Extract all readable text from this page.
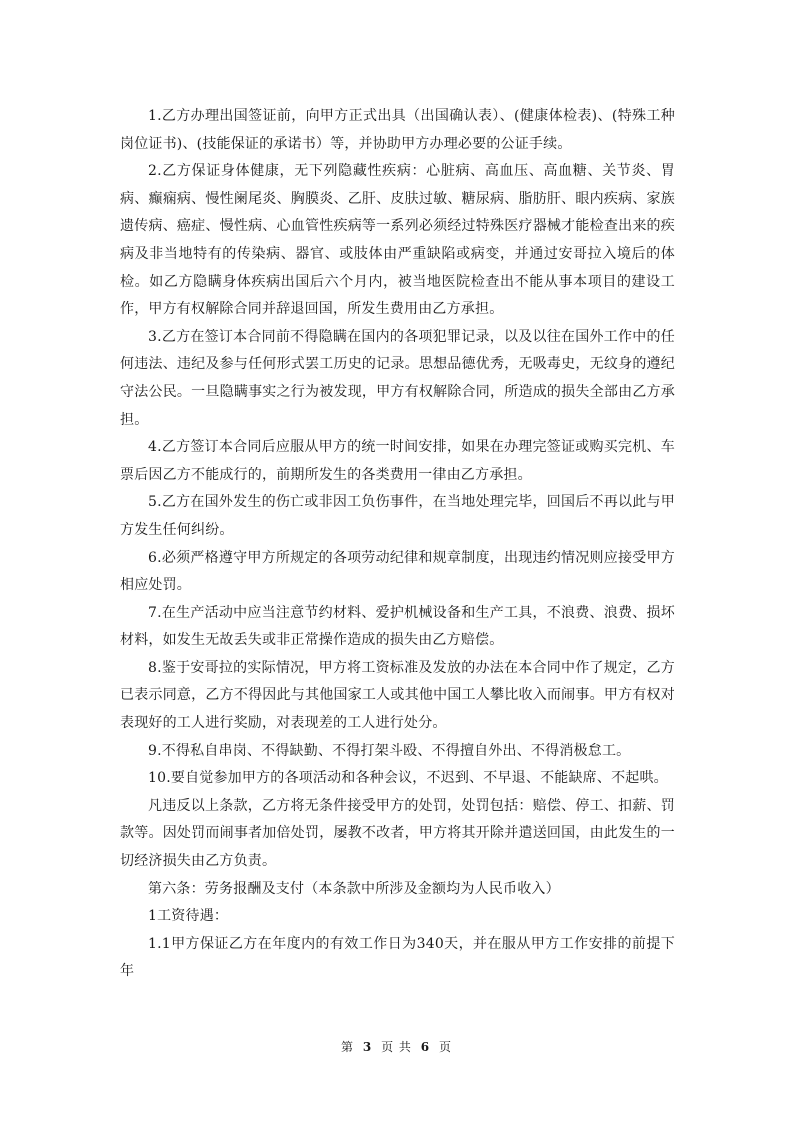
1.乙方办理出国签证前，向甲方正式出具（出国确认表）、(健康体检表)、(特殊工种岗位证书)、(技能保证的承诺书）等，并协助甲方办理必要的公证手续。

2.乙方保证身体健康，无下列隐藏性疾病：心脏病、高血压、高血糖、关节炎、胃病、癫痫病、慢性阑尾炎、胸膜炎、乙肝、皮肤过敏、糖尿病、脂肪肝、眼内疾病、家族遗传病、癌症、慢性病、心血管性疾病等一系列必须经过特殊医疗器械才能检查出来的疾病及非当地特有的传染病、器官、或肢体由严重缺陷或病变，并通过安哥拉入境后的体检。如乙方隐瞒身体疾病出国后六个月内，被当地医院检查出不能从事本项目的建设工作，甲方有权解除合同并辞退回国，所发生费用由乙方承担。

3.乙方在签订本合同前不得隐瞒在国内的各项犯罪记录，以及以往在国外工作中的任何违法、违纪及参与任何形式罢工历史的记录。思想品德优秀，无吸毒史，无纹身的遵纪守法公民。一旦隐瞒事实之行为被发现，甲方有权解除合同，所造成的损失全部由乙方承担。

4.乙方签订本合同后应服从甲方的统一时间安排，如果在办理完签证或购买完机、车票后因乙方不能成行的，前期所发生的各类费用一律由乙方承担。

5.乙方在国外发生的伤亡或非因工负伤事件，在当地处理完毕，回国后不再以此与甲方发生任何纠纷。

6.必须严格遵守甲方所规定的各项劳动纪律和规章制度，出现违约情况则应接受甲方相应处罚。

7.在生产活动中应当注意节约材料、爱护机械设备和生产工具，不浪费、浪费、损坏材料，如发生无故丢失或非正常操作造成的损失由乙方赔偿。

8.鉴于安哥拉的实际情况，甲方将工资标准及发放的办法在本合同中作了规定，乙方已表示同意，乙方不得因此与其他国家工人或其他中国工人攀比收入而闹事。甲方有权对表现好的工人进行奖励，对表现差的工人进行处分。

9.不得私自串岗、不得缺勤、不得打架斗殴、不得擅自外出、不得消极怠工。

10.要自觉参加甲方的各项活动和各种会议，不迟到、不早退、不能缺席、不起哄。

凡违反以上条款，乙方将无条件接受甲方的处罚，处罚包括：赔偿、停工、扣薪、罚款等。因处罚而闹事者加倍处罚，屡教不改者，甲方将其开除并遣送回国，由此发生的一切经济损失由乙方负责。

第六条：劳务报酬及支付（本条款中所涉及金额均为人民币收入）

1工资待遇：

1.1甲方保证乙方在年度内的有效工作日为340天，并在服从甲方工作安排的前提下年

第 3 页 共 6 页
